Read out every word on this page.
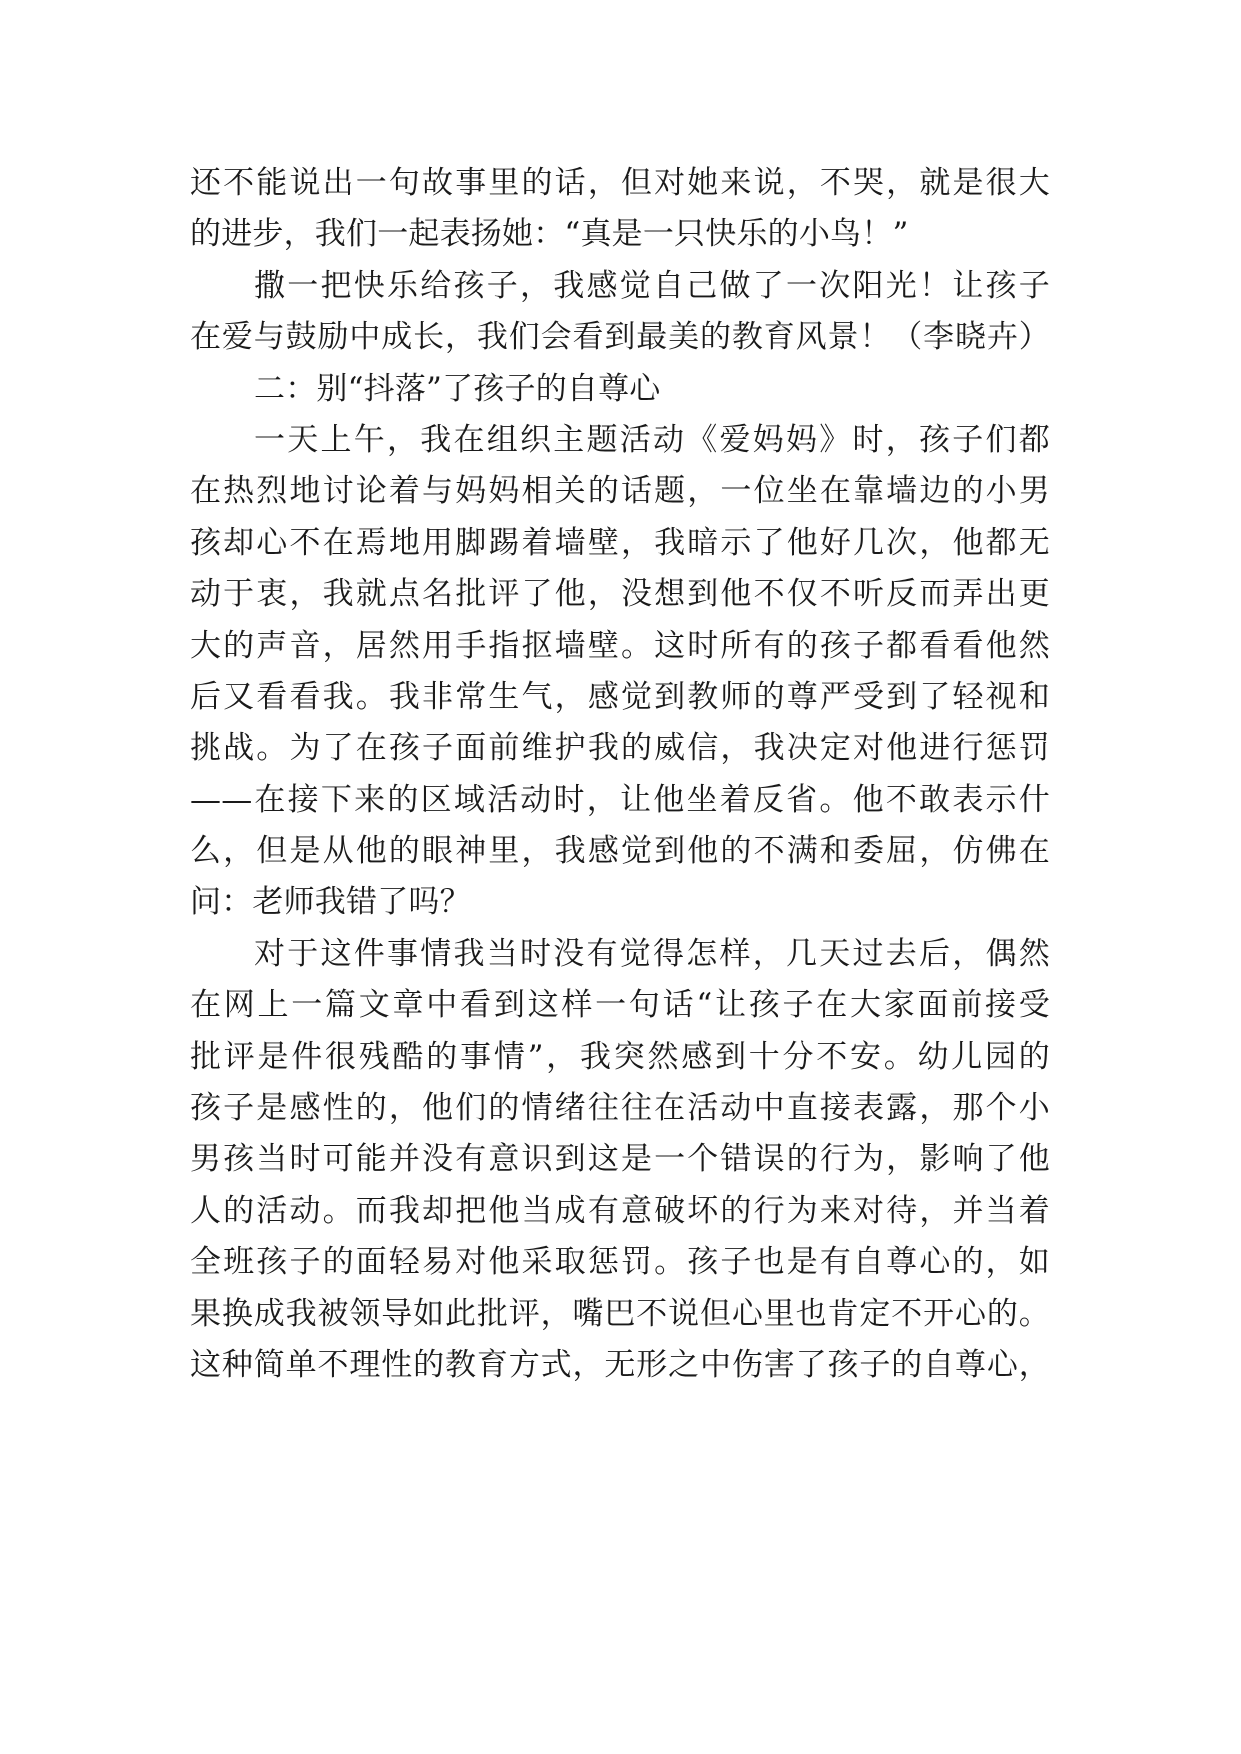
还不能说出一句故事里的话，但对她来说，不哭，就是很大
的进步，我们一起表扬她：“真是一只快乐的小鸟！”
撒一把快乐给孩子，我感觉自己做了一次阳光！让孩子
在爱与鼓励中成长，我们会看到最美的教育风景！（李晓卉）
二：别“抖落”了孩子的自尊心
一天上午，我在组织主题活动《爱妈妈》时，孩子们都
在热烈地讨论着与妈妈相关的话题，一位坐在靠墙边的小男
孩却心不在焉地用脚踢着墙壁，我暗示了他好几次，他都无
动于衷，我就点名批评了他，没想到他不仅不听反而弄出更
大的声音，居然用手指抠墙壁。这时所有的孩子都看看他然
后又看看我。我非常生气，感觉到教师的尊严受到了轻视和
挑战。为了在孩子面前维护我的威信，我决定对他进行惩罚
——在接下来的区域活动时，让他坐着反省。他不敢表示什
么，但是从他的眼神里，我感觉到他的不满和委屈，仿佛在
问：老师我错了吗？
对于这件事情我当时没有觉得怎样，几天过去后，偶然
在网上一篇文章中看到这样一句话“让孩子在大家面前接受
批评是件很残酷的事情”，我突然感到十分不安。幼儿园的
孩子是感性的，他们的情绪往往在活动中直接表露，那个小
男孩当时可能并没有意识到这是一个错误的行为，影响了他
人的活动。而我却把他当成有意破坏的行为来对待，并当着
全班孩子的面轻易对他采取惩罚。孩子也是有自尊心的，如
果换成我被领导如此批评，嘴巴不说但心里也肯定不开心的。
这种简单不理性的教育方式，无形之中伤害了孩子的自尊心，
